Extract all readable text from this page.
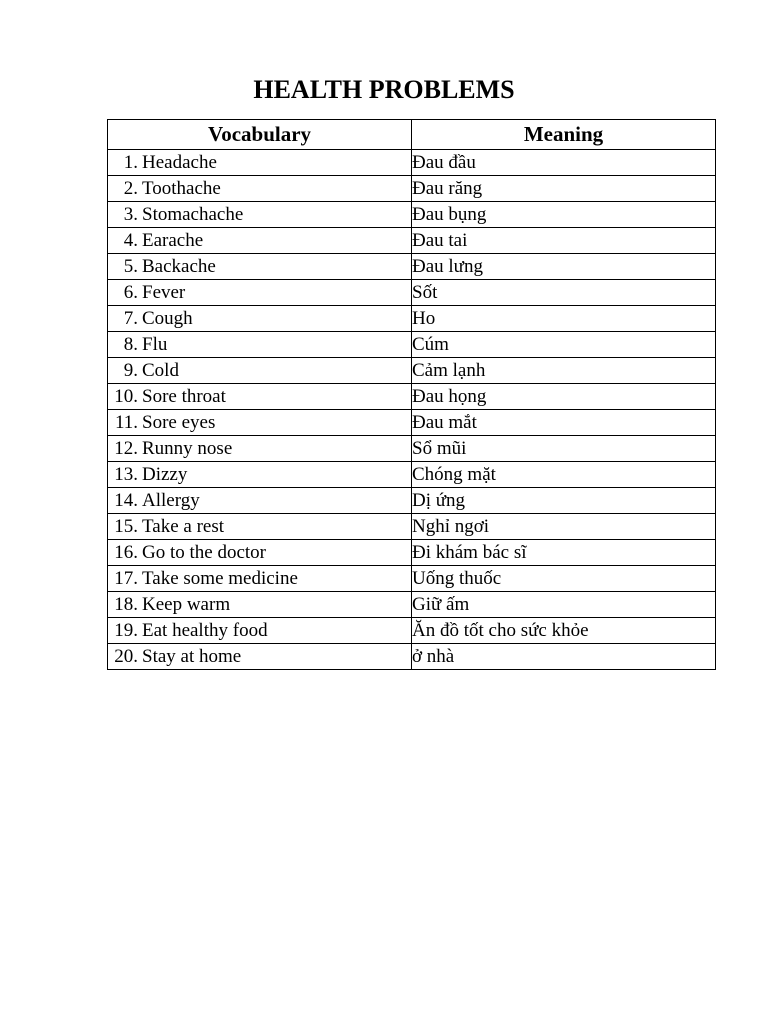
HEALTH PROBLEMS
Vocabulary	Meaning
1. Headache	Đau đầu
2. Toothache	Đau răng
3. Stomachache	Đau bụng
4. Earache	Đau tai
5. Backache	Đau lưng
6. Fever	Sốt
7. Cough	Ho
8. Flu	Cúm
9. Cold	Cảm lạnh
10. Sore throat	Đau họng
11. Sore eyes	Đau mắt
12. Runny nose	Sổ mũi
13. Dizzy	Chóng mặt
14. Allergy	Dị ứng
15. Take a rest	Nghỉ ngơi
16. Go to the doctor	Đi khám bác sĩ
17. Take some medicine	Uống thuốc
18. Keep warm	Giữ ấm
19. Eat healthy food	Ăn đồ tốt cho sức khỏe
20. Stay at home	ở nhà
